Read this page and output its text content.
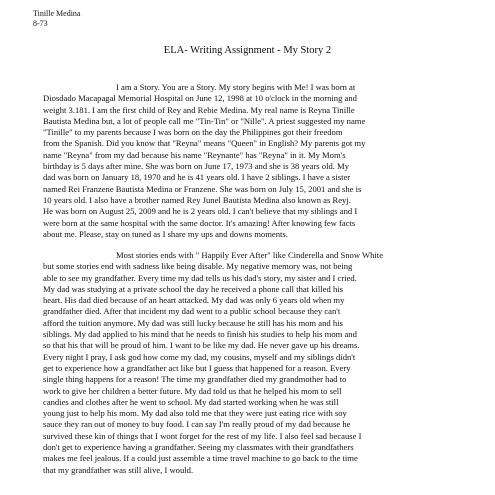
Tinille Medina
8-73
ELA- Writing Assignment - My Story 2
I am a Story. You are a Story. My story begins with Me! I was born at
Diosdado Macapagal Memorial Hospital on June 12, 1998 at 10 o'clock in the morning and
weight 3.181. I am the first child of Rey and Rebie Medina. My real name is Reyna Tinille
Bautista Medina but, a lot of people call me "Tin-Tin" or "Nille". A priest suggested my name
"Tinille" to my parents because I was born on the day the Philippines got their freedom
from the Spanish. Did you know that "Reyna" means "Queen" in English? My parents got my
name "Reyna" from my dad because his name "Reynante" has "Reyna" in it. My Mom's
birthday is 5 days after mine. She was born on June 17, 1973 and she is 38 years old. My
dad was born on January 18, 1970 and he is 41 years old. I have 2 siblings. I have a sister
named Rei Franzene Bautista Medina or Franzene. She was born on July 15, 2001 and she is
10 years old. I also have a brother named Rey Junel Bautista Medina also known as Reyj.
He was born on August 25, 2009 and he is 2 years old. I can't believe that my siblings and I
were born at the same hospital with the same doctor. It's amazing! After knowing few facts
about me. Please, stay on tuned as I share my ups and downs moments.
Most stories ends with " Happily Ever After" like Cinderella and Snow White
but some stories end with sadness like being disable. My negative memory was, not being
able to see my grandfather. Every time my dad tells us his dad's story, my sister and I cried.
My dad was studying at a private school the day he received a phone call that killed his
heart. His dad died because of an heart attacked. My dad was only 6 years old when my
grandfather died. After that incident my dad went to a public school because they can't
afford the tuition anymore. My dad was still lucky because he still has his mom and his
siblings. My dad applied to his mind that he needs to finish his studies to help his mom and
so that his that will be proud of him. I want to be like my dad. He never gave up his dreams.
Every night I pray, I ask god how come my dad, my cousins, myself and my siblings didn't
get to experience how a grandfather act like but I guess that happened for a reason. Every
single thing happens for a reason! The time my grandfather died my grandmother had to
work to give her children a better future. My dad told us that he helped his mom to sell
candies and clothes after he went to school. My dad started working when he was still
young just to help his mom. My dad also told me that they were just eating rice with soy
sauce they ran out of money to buy food. I can say I'm really proud of my dad because he
survived these kin of things that I wont forget for the rest of my life. I also feel sad because I
don't get to experience having a grandfather. Seeing my classmates with their grandfathers
makes me feel jealous. If a could just assemble a time travel machine to go back to the time
that my grandfather was still alive, I would.
